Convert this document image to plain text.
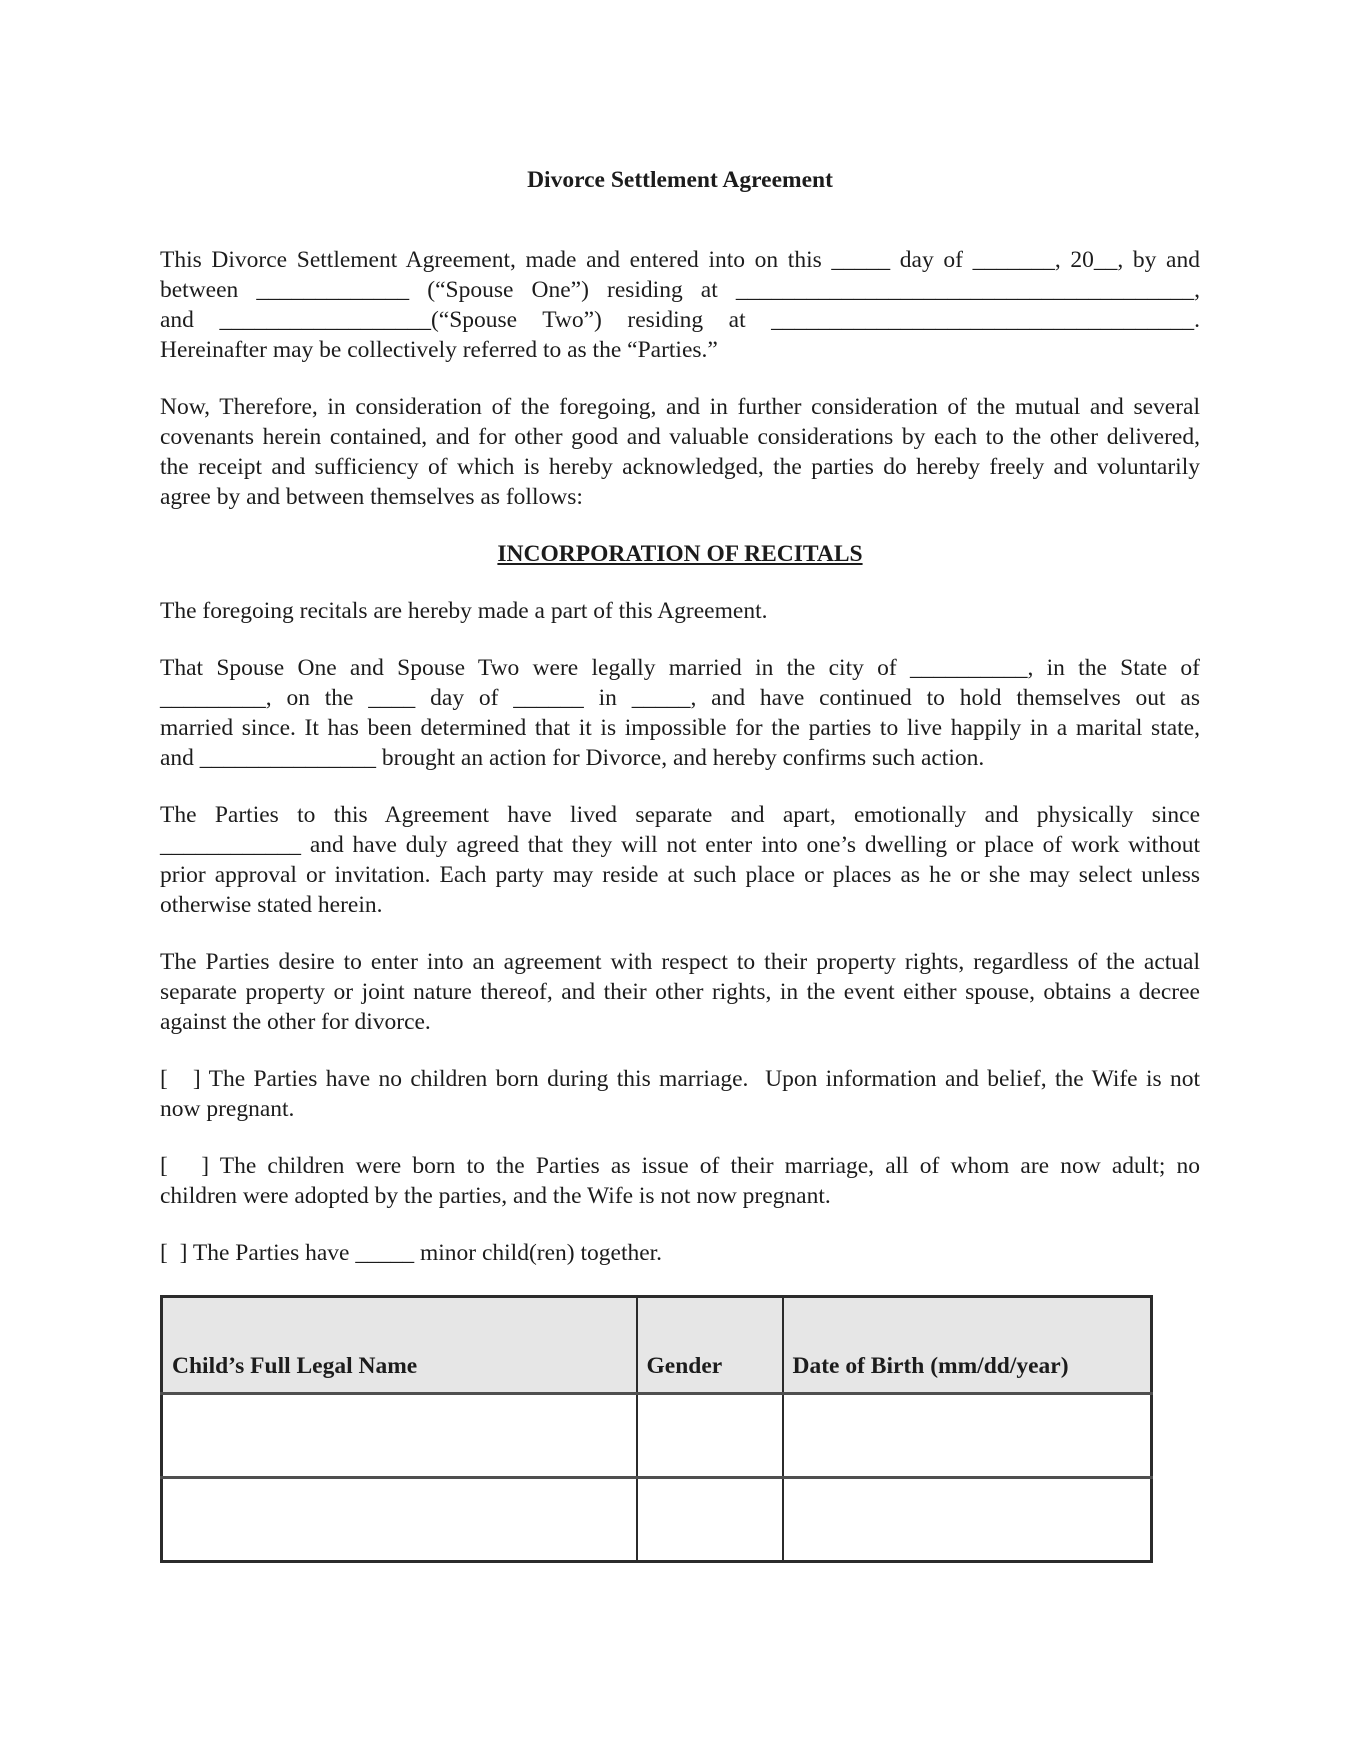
Divorce Settlement Agreement
This Divorce Settlement Agreement, made and entered into on this _____ day of _______, 20__, by and
between _____________ (“Spouse One”) residing at _______________________________________,
and __________________(“Spouse Two”) residing at ____________________________________.
Hereinafter may be collectively referred to as the “Parties.”
Now, Therefore, in consideration of the foregoing, and in further consideration of the mutual and several
covenants herein contained, and for other good and valuable considerations by each to the other delivered,
the receipt and sufficiency of which is hereby acknowledged, the parties do hereby freely and voluntarily
agree by and between themselves as follows:
INCORPORATION OF RECITALS
The foregoing recitals are hereby made a part of this Agreement.
That Spouse One and Spouse Two were legally married in the city of __________, in the State of
_________, on the ____ day of ______ in _____, and have continued to hold themselves out as
married since. It has been determined that it is impossible for the parties to live happily in a marital state,
and _______________ brought an action for Divorce, and hereby confirms such action.
The Parties to this Agreement have lived separate and apart, emotionally and physically since
____________ and have duly agreed that they will not enter into one’s dwelling or place of work without
prior approval or invitation. Each party may reside at such place or places as he or she may select unless
otherwise stated herein.
The Parties desire to enter into an agreement with respect to their property rights, regardless of the actual
separate property or joint nature thereof, and their other rights, in the event either spouse, obtains a decree
against the other for divorce.
[   ] The Parties have no children born during this marriage.  Upon information and belief, the Wife is not
now pregnant.
[   ] The children were born to the Parties as issue of their marriage, all of whom are now adult; no
children were adopted by the parties, and the Wife is not now pregnant.
[  ] The Parties have _____ minor child(ren) together.
Child’s Full Legal Name	Gender	Date of Birth (mm/dd/year)
